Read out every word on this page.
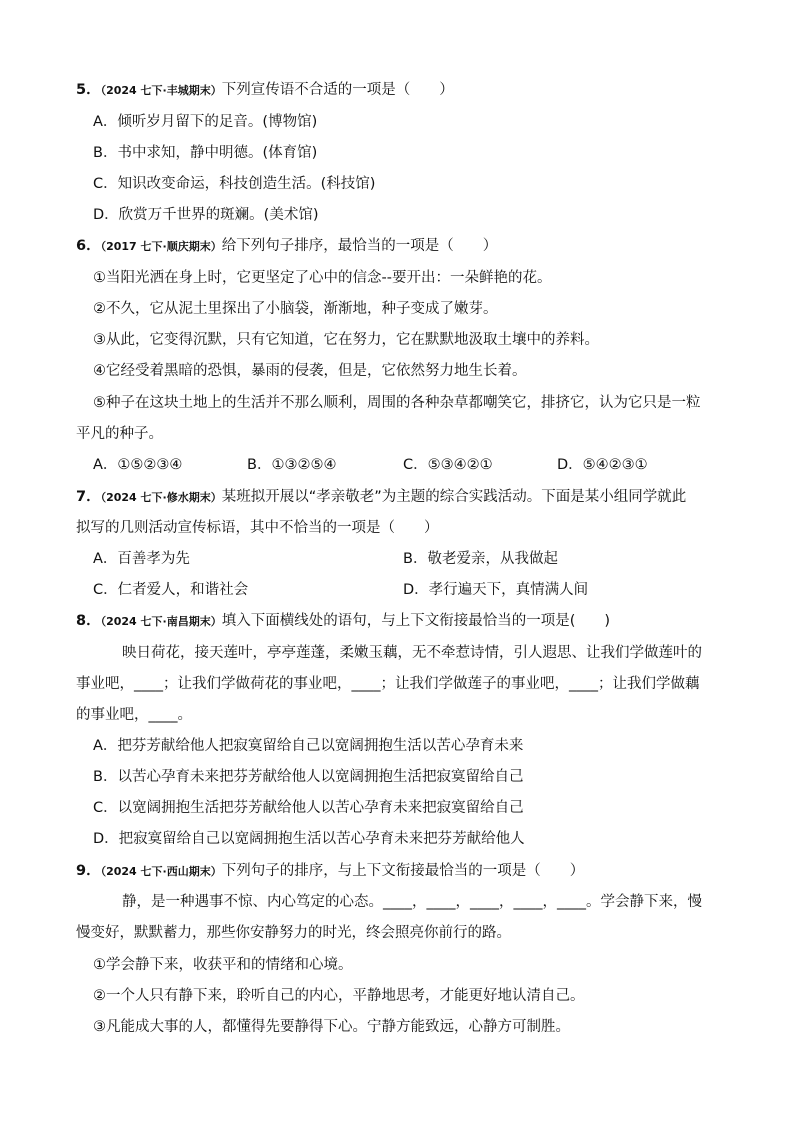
5．（2024 七下·丰城期末）下列宣传语不合适的一项是（　　）
A．倾听岁月留下的足音。(博物馆)
B．书中求知，静中明德。(体育馆)
C．知识改变命运，科技创造生活。(科技馆)
D．欣赏万千世界的斑斓。(美术馆)
6．（2017 七下·顺庆期末）给下列句子排序，最恰当的一项是（　　）
①当阳光洒在身上时，它更坚定了心中的信念--要开出：一朵鲜艳的花。
②不久，它从泥土里探出了小脑袋，渐渐地，种子变成了嫩芽。
③从此，它变得沉默，只有它知道，它在努力，它在默默地汲取土壤中的养料。
④它经受着黑暗的恐惧，暴雨的侵袭，但是，它依然努力地生长着。
⑤种子在这块土地上的生活并不那么顺利，周围的各种杂草都嘲笑它，排挤它，认为它只是一粒
平凡的种子。
A．①⑤②③④	B．①③②⑤④	C．⑤③④②①	D．⑤④②③①
7．（2024 七下·修水期末）某班拟开展以“孝亲敬老”为主题的综合实践活动。下面是某小组同学就此
拟写的几则活动宣传标语，其中不恰当的一项是（　　）
A．百善孝为先	B．敬老爱亲，从我做起
C．仁者爱人，和谐社会	D．孝行遍天下，真情满人间
8．（2024 七下·南昌期末）填入下面横线处的语句，与上下文衔接最恰当的一项是(　　)
映日荷花，接天莲叶，亭亭莲蓬，柔嫩玉藕，无不牵惹诗情，引人遐思、让我们学做莲叶的
事业吧，____；让我们学做荷花的事业吧，____；让我们学做莲子的事业吧，____；让我们学做藕
的事业吧，____。
A．把芬芳献给他人把寂寞留给自己以宽阔拥抱生活以苦心孕育未来
B．以苦心孕育未来把芬芳献给他人以宽阔拥抱生活把寂寞留给自己
C．以宽阔拥抱生活把芬芳献给他人以苦心孕育未来把寂寞留给自己
D．把寂寞留给自己以宽阔拥抱生活以苦心孕育未来把芬芳献给他人
9．（2024 七下·西山期末）下列句子的排序，与上下文衔接最恰当的一项是（　　）
静，是一种遇事不惊、内心笃定的心态。____，____，____，____，____。学会静下来，慢
慢变好，默默蓄力，那些你安静努力的时光，终会照亮你前行的路。
①学会静下来，收获平和的情绪和心境。
②一个人只有静下来，聆听自己的内心，平静地思考，才能更好地认清自己。
③凡能成大事的人，都懂得先要静得下心。宁静方能致远，心静方可制胜。
